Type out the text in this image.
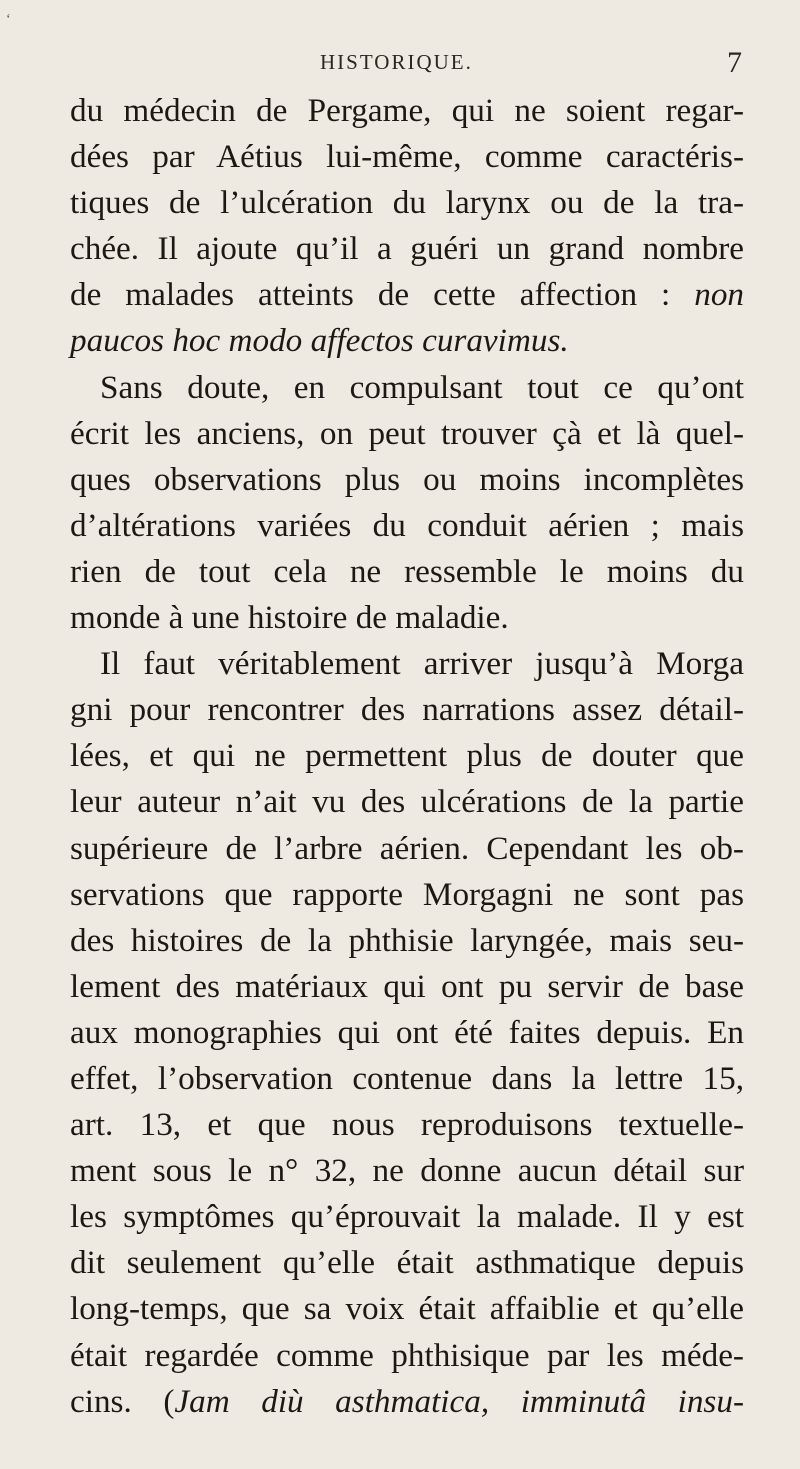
‘
HISTORIQUE.	7
du médecin de Pergame, qui ne soient regar-
dées par Aétius lui-même, comme caractéris-
tiques de l’ulcération du larynx ou de la tra-
chée. Il ajoute qu’il a guéri un grand nombre
de malades atteints de cette affection : non
paucos hoc modo affectos curavimus.
Sans doute, en compulsant tout ce qu’ont
écrit les anciens, on peut trouver çà et là quel-
ques observations plus ou moins incomplètes
d’altérations variées du conduit aérien ; mais
rien de tout cela ne ressemble le moins du
monde à une histoire de maladie.
Il faut véritablement arriver jusqu’à Morga
gni pour rencontrer des narrations assez détail-
lées, et qui ne permettent plus de douter que
leur auteur n’ait vu des ulcérations de la partie
supérieure de l’arbre aérien. Cependant les ob-
servations que rapporte Morgagni ne sont pas
des histoires de la phthisie laryngée, mais seu-
lement des matériaux qui ont pu servir de base
aux monographies qui ont été faites depuis. En
effet, l’observation contenue dans la lettre 15,
art. 13, et que nous reproduisons textuelle-
ment sous le n° 32, ne donne aucun détail sur
les symptômes qu’éprouvait la malade. Il y est
dit seulement qu’elle était asthmatique depuis
long-temps, que sa voix était affaiblie et qu’elle
était regardée comme phthisique par les méde-
cins. (Jam diù asthmatica, imminutâ insu-
